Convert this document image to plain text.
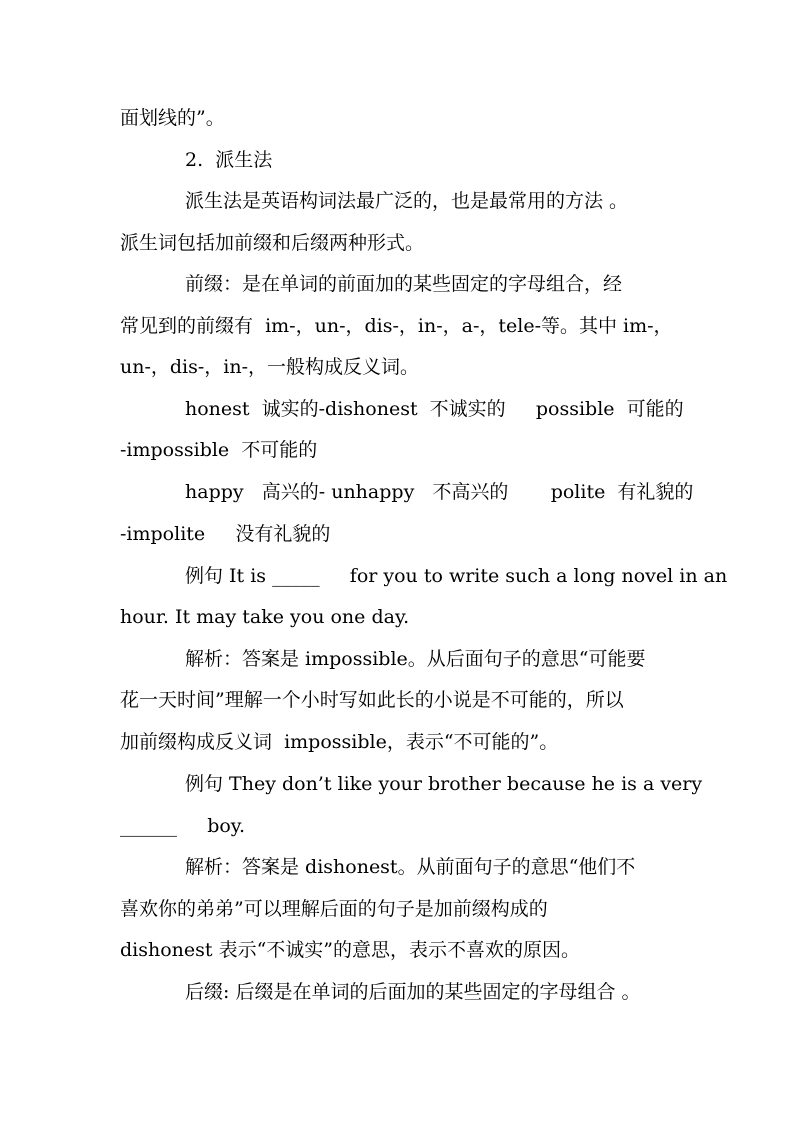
面划线的”。
2.  派生法
派生法是英语构词法最广泛的，也是最常用的方法 。
派生词包括加前缀和后缀两种形式。
前缀：是在单词的前面加的某些固定的字母组合，经
常见到的前缀有  im-，un-，dis-，in-，a-，tele-等。其中 im-，
un-，dis-，in-，一般构成反义词。
honest  诚实的-dishonest  不诚实的     possible  可能的
-impossible  不可能的
happy   高兴的- unhappy   不高兴的       polite  有礼貌的
-impolite     没有礼貌的
例句 It is _____     for you to write such a long novel in an
hour. It may take you one day.
解析：答案是 impossible。从后面句子的意思“可能要
花一天时间”理解一个小时写如此长的小说是不可能的，所以
加前缀构成反义词  impossible，表示“不可能的”。
例句 They don’t like your brother because he is a very
______     boy.
解析：答案是 dishonest。从前面句子的意思“他们不
喜欢你的弟弟”可以理解后面的句子是加前缀构成的
dishonest 表示“不诚实”的意思，表示不喜欢的原因。
后缀: 后缀是在单词的后面加的某些固定的字母组合 。
